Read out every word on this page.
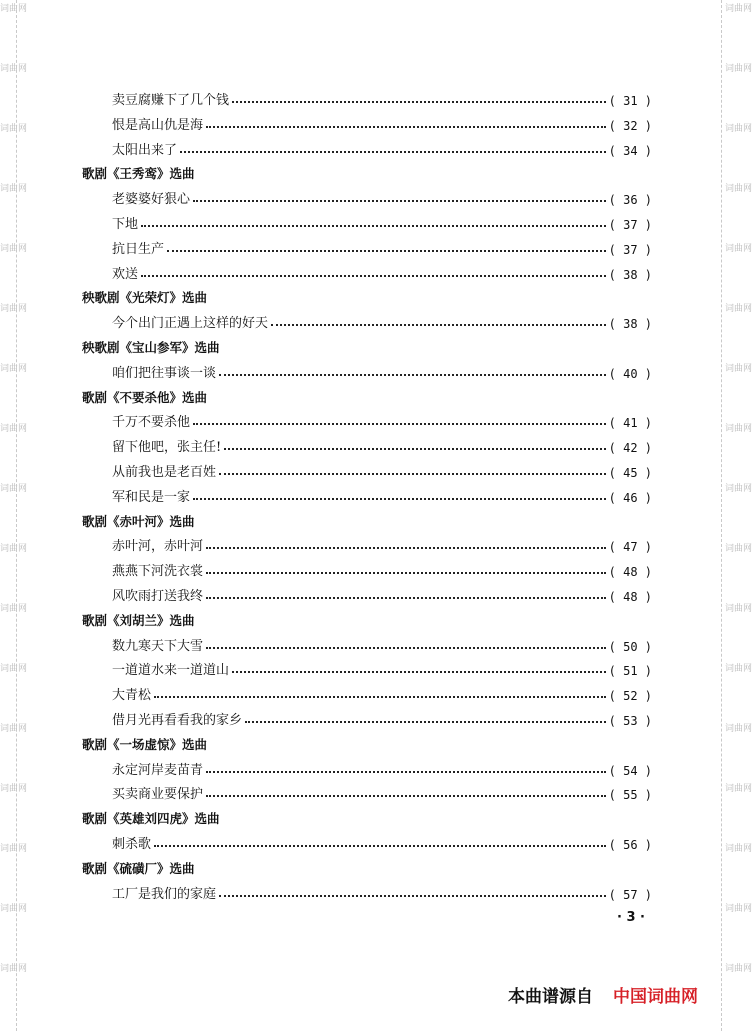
词曲网
词曲网
词曲网
词曲网
词曲网
词曲网
词曲网
词曲网
词曲网
词曲网
词曲网
词曲网
词曲网
词曲网
词曲网
词曲网
词曲网
词曲网
词曲网
词曲网
词曲网
词曲网
词曲网
词曲网
词曲网
词曲网
词曲网
词曲网
词曲网
词曲网
词曲网
词曲网
词曲网
词曲网
卖豆腐赚下了几个钱	( 31 )
恨是高山仇是海	( 32 )
太阳出来了	( 34 )
歌剧《王秀鸾》选曲
老婆婆好狠心	( 36 )
下地	( 37 )
抗日生产	( 37 )
欢送	( 38 )
秧歌剧《光荣灯》选曲
今个出门正遇上这样的好天	( 38 )
秧歌剧《宝山参军》选曲
咱们把往事谈一谈	( 40 )
歌剧《不要杀他》选曲
千万不要杀他	( 41 )
留下他吧，张主任!	( 42 )
从前我也是老百姓	( 45 )
军和民是一家	( 46 )
歌剧《赤叶河》选曲
赤叶河，赤叶河	( 47 )
燕燕下河洗衣裳	( 48 )
风吹雨打送我终	( 48 )
歌剧《刘胡兰》选曲
数九寒天下大雪	( 50 )
一道道水来一道道山	( 51 )
大青松	( 52 )
借月光再看看我的家乡	( 53 )
歌剧《一场虚惊》选曲
永定河岸麦苗青	( 54 )
买卖商业要保护	( 55 )
歌剧《英雄刘四虎》选曲
刺杀歌	( 56 )
歌剧《硫磺厂》选曲
工厂是我们的家庭	( 57 )
· 3 ·
本曲谱源自 中国词曲网
